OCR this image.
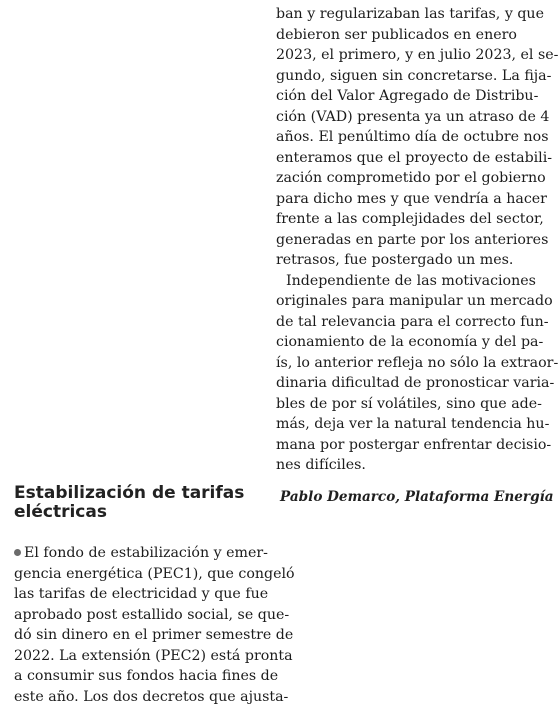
ban y regularizaban las tarifas, y que
debieron ser publicados en enero
2023, el primero, y en julio 2023, el se-
gundo, siguen sin concretarse. La fija-
ción del Valor Agregado de Distribu-
ción (VAD) presenta ya un atraso de 4
años. El penúltimo día de octubre nos
enteramos que el proyecto de estabili-
zación comprometido por el gobierno
para dicho mes y que vendría a hacer
frente a las complejidades del sector,
generadas en parte por los anteriores
retrasos, fue postergado un mes.
Independiente de las motivaciones
originales para manipular un mercado
de tal relevancia para el correcto fun-
cionamiento de la economía y del pa-
ís, lo anterior refleja no sólo la extraor-
dinaria dificultad de pronosticar varia-
bles de por sí volátiles, sino que ade-
más, deja ver la natural tendencia hu-
mana por postergar enfrentar decisio-
nes difíciles.
Pablo Demarco, Plataforma Energía
Estabilización de tarifas
eléctricas
El fondo de estabilización y emer-
gencia energética (PEC1), que congeló
las tarifas de electricidad y que fue
aprobado post estallido social, se que-
dó sin dinero en el primer semestre de
2022. La extensión (PEC2) está pronta
a consumir sus fondos hacia fines de
este año. Los dos decretos que ajusta-
